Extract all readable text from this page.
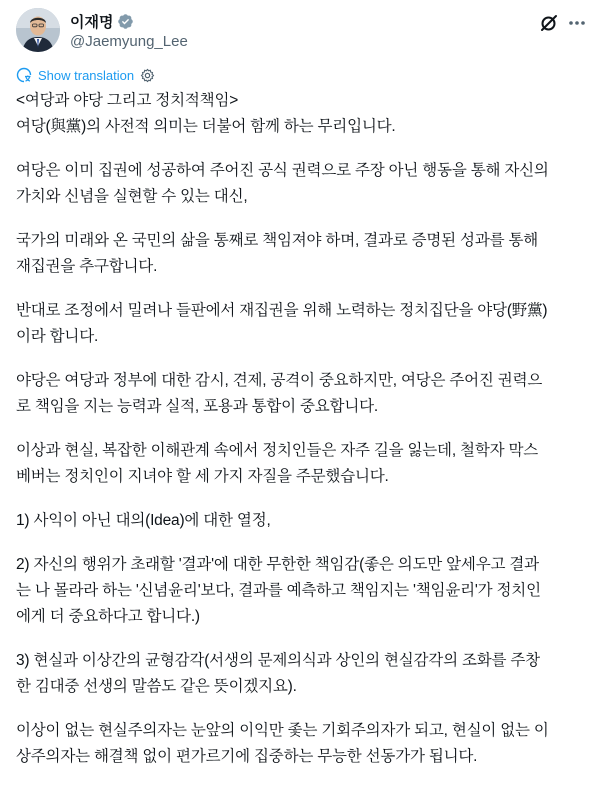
이재명
@Jaemyung_Lee
Show translation
<여당과 야당 그리고 정치적책임>
여당(與黨)의 사전적 의미는 더불어 함께 하는 무리입니다.
여당은 이미 집권에 성공하여 주어진 공식 권력으로 주장 아닌 행동을 통해 자신의
가치와 신념을 실현할 수 있는 대신,
국가의 미래와 온 국민의 삶을 통째로 책임져야 하며, 결과로 증명된 성과를 통해
재집권을 추구합니다.
반대로 조정에서 밀려나 들판에서 재집권을 위해 노력하는 정치집단을 야당(野黨)
이라 합니다.
야당은 여당과 정부에 대한 감시, 견제, 공격이 중요하지만, 여당은 주어진 권력으
로 책임을 지는 능력과 실적, 포용과 통합이 중요합니다.
이상과 현실, 복잡한 이해관계 속에서 정치인들은 자주 길을 잃는데, 철학자 막스
베버는 정치인이 지녀야 할 세 가지 자질을 주문했습니다.
1) 사익이 아닌 대의(Idea)에 대한 열정,
2) 자신의 행위가 초래할 '결과'에 대한 무한한 책임감(좋은 의도만 앞세우고 결과
는 나 몰라라 하는 '신념윤리'보다, 결과를 예측하고 책임지는 '책임윤리'가 정치인
에게 더 중요하다고 합니다.)
3) 현실과 이상간의 균형감각(서생의 문제의식과 상인의 현실감각의 조화를 주창
한 김대중 선생의 말씀도 같은 뜻이겠지요).
이상이 없는 현실주의자는 눈앞의 이익만 좇는 기회주의자가 되고, 현실이 없는 이
상주의자는 해결책 없이 편가르기에 집중하는 무능한 선동가가 됩니다.
